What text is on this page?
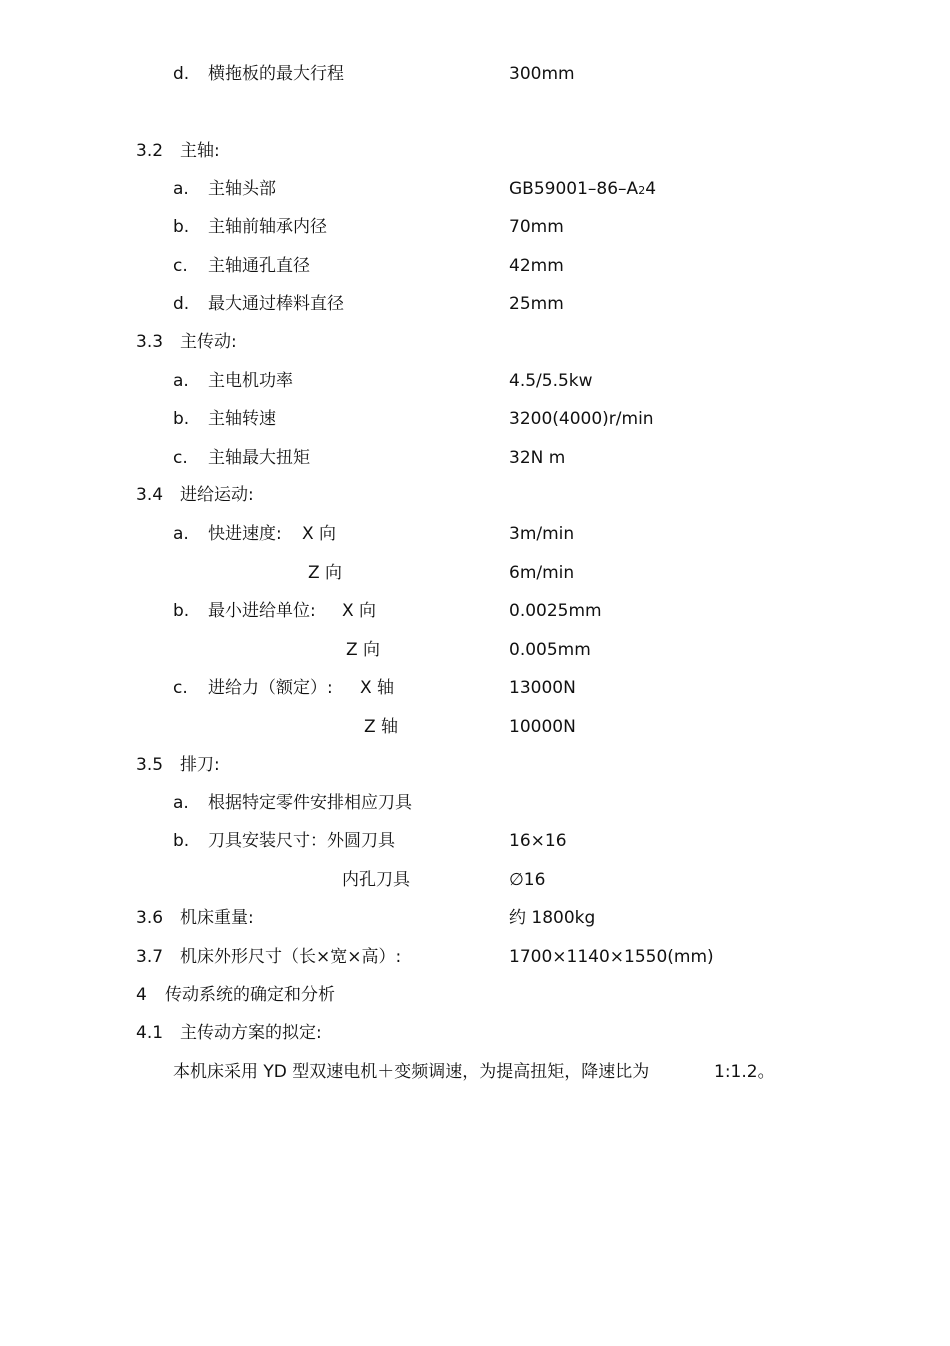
d. 横拖板的最大行程	300mm
3.2 主轴:
a. 主轴头部	GB59001–86–A24
b. 主轴前轴承内径	70mm
c. 主轴通孔直径	42mm
d. 最大通过棒料直径	25mm
3.3 主传动:
a. 主电机功率	4.5/5.5kw
b. 主轴转速	3200(4000)r/min
c. 主轴最大扭矩	32N m
3.4 进给运动:
a. 快进速度: X 向	3m/min
Z 向	6m/min
b. 最小进给单位: X 向	0.0025mm
Z 向	0.005mm
c. 进给力（额定）: X 轴	13000N
Z 轴	10000N
3.5 排刀:
a. 根据特定零件安排相应刀具
b. 刀具安装尺寸：外圆刀具	16×16
内孔刀具	∅16
3.6 机床重量:	约 1800kg
3.7 机床外形尺寸（长×宽×高）:	1700×1140×1550(mm)
4 传动系统的确定和分析
4.1 主传动方案的拟定:
本机床采用 YD 型双速电机＋变频调速，为提高扭矩，降速比为	1:1.2。
